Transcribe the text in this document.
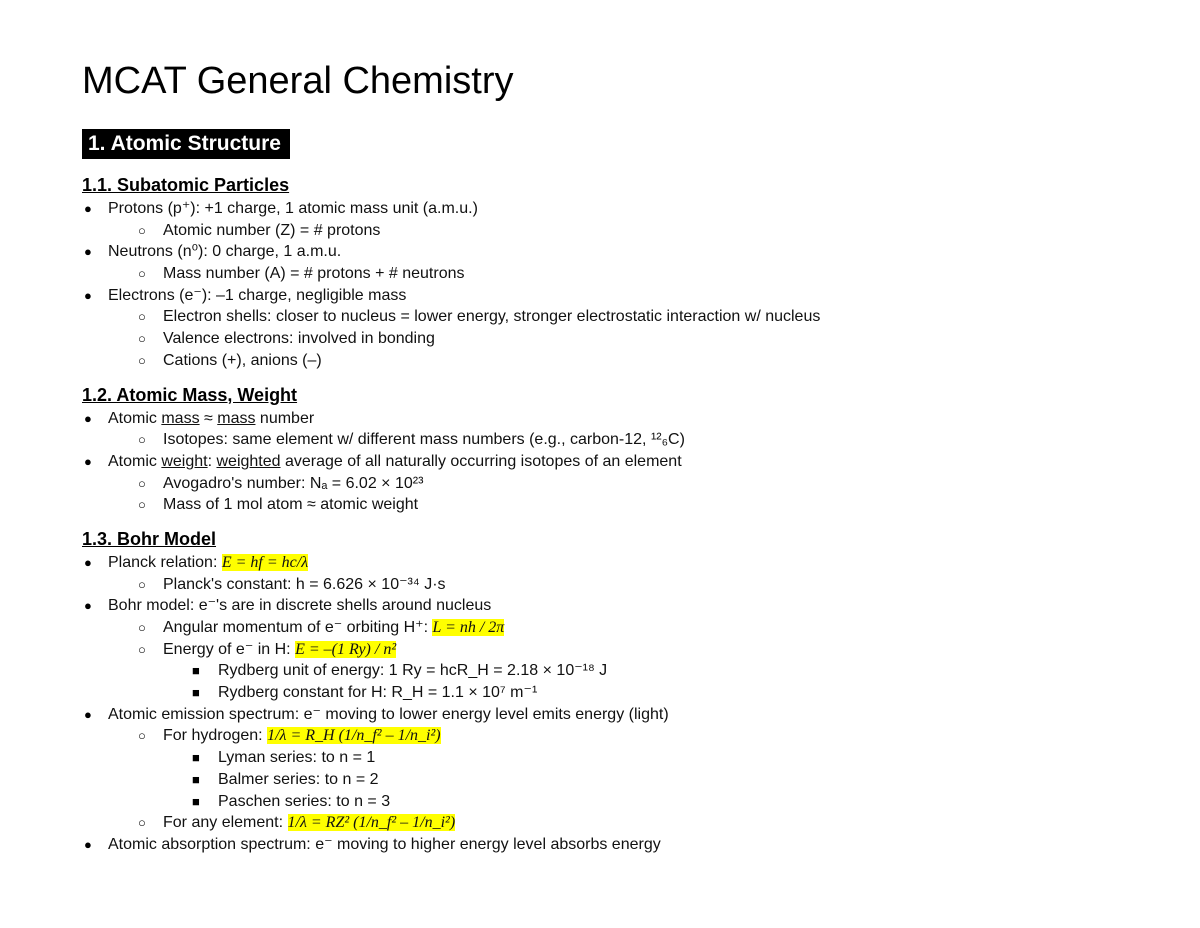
MCAT General Chemistry
1. Atomic Structure
1.1. Subatomic Particles
● Protons (p⁺): +1 charge, 1 atomic mass unit (a.m.u.)
○ Atomic number (Z) = # protons
● Neutrons (n⁰): 0 charge, 1 a.m.u.
○ Mass number (A) = # protons + # neutrons
● Electrons (e⁻): –1 charge, negligible mass
○ Electron shells: closer to nucleus = lower energy, stronger electrostatic interaction w/ nucleus
○ Valence electrons: involved in bonding
○ Cations (+), anions (–)
1.2. Atomic Mass, Weight
● Atomic mass ≈ mass number
○ Isotopes: same element w/ different mass numbers (e.g., carbon-12, ¹²₆C)
● Atomic weight: weighted average of all naturally occurring isotopes of an element
○ Avogadro's number: Nₐ = 6.02 × 10²³
○ Mass of 1 mol atom ≈ atomic weight
1.3. Bohr Model
● Planck relation: E = hf = hc/λ
○ Planck's constant: h = 6.626 × 10⁻³⁴ J·s
● Bohr model: e⁻'s are in discrete shells around nucleus
○ Angular momentum of e⁻ orbiting H⁺: L = nh / 2π
○ Energy of e⁻ in H: E = –(1 Ry) / n²
■ Rydberg unit of energy: 1 Ry = hcR_H = 2.18 × 10⁻¹⁸ J
■ Rydberg constant for H: R_H = 1.1 × 10⁷ m⁻¹
● Atomic emission spectrum: e⁻ moving to lower energy level emits energy (light)
○ For hydrogen: 1/λ = R_H (1/n_f² – 1/n_i²)
■ Lyman series: to n = 1
■ Balmer series: to n = 2
■ Paschen series: to n = 3
○ For any element: 1/λ = RZ² (1/n_f² – 1/n_i²)
● Atomic absorption spectrum: e⁻ moving to higher energy level absorbs energy
